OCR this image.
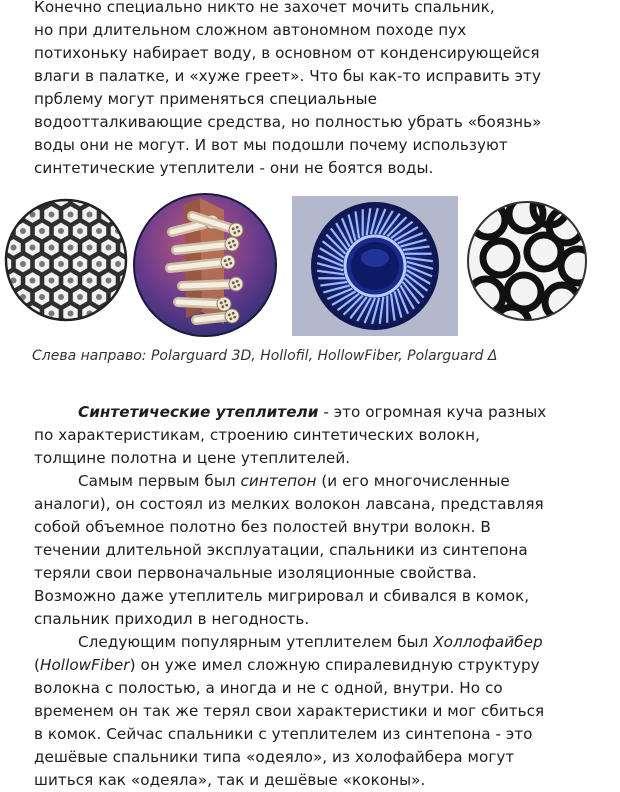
Конечно специально никто не захочет мочить спальник,
но при длительном сложном автономном походе пух
потихоньку набирает воду, в основном от конденсирующейся
влаги в палатке, и «хуже греет». Что бы как-то исправить эту
прблему могут применяться специальные
водоотталкивающие средства, но полностью убрать «боязнь»
воды они не могут. И вот мы подошли почему используют
синтетические утеплители - они не боятся воды.
Слева направо: Polarguard 3D, Hollofil, HollowFiber, Polarguard Δ
Синтетические утеплители - это огромная куча разных
по характеристикам, строению синтетических волокн,
толщине полотна и цене утеплителей.
Самым первым был синтепон (и его многочисленные
аналоги), он состоял из мелких волокон лавсана, представляя
собой объемное полотно без полостей внутри волокн. В
течении длительной эксплуатации, спальники из синтепона
теряли свои первоначальные изоляционные свойства.
Возможно даже утеплитель мигрировал и сбивался в комок,
спальник приходил в негодность.
Следующим популярным утеплителем был Холлофайбер
(HollowFiber) он уже имел сложную спиралевидную структуру
волокна с полостью, а иногда и не с одной, внутри. Но со
временем он так же терял свои характеристики и мог сбиться
в комок. Сейчас спальники с утеплителем из синтепона - это
дешёвые спальники типа «одеяло», из холофайбера могут
шиться как «одеяла», так и дешёвые «коконы».
